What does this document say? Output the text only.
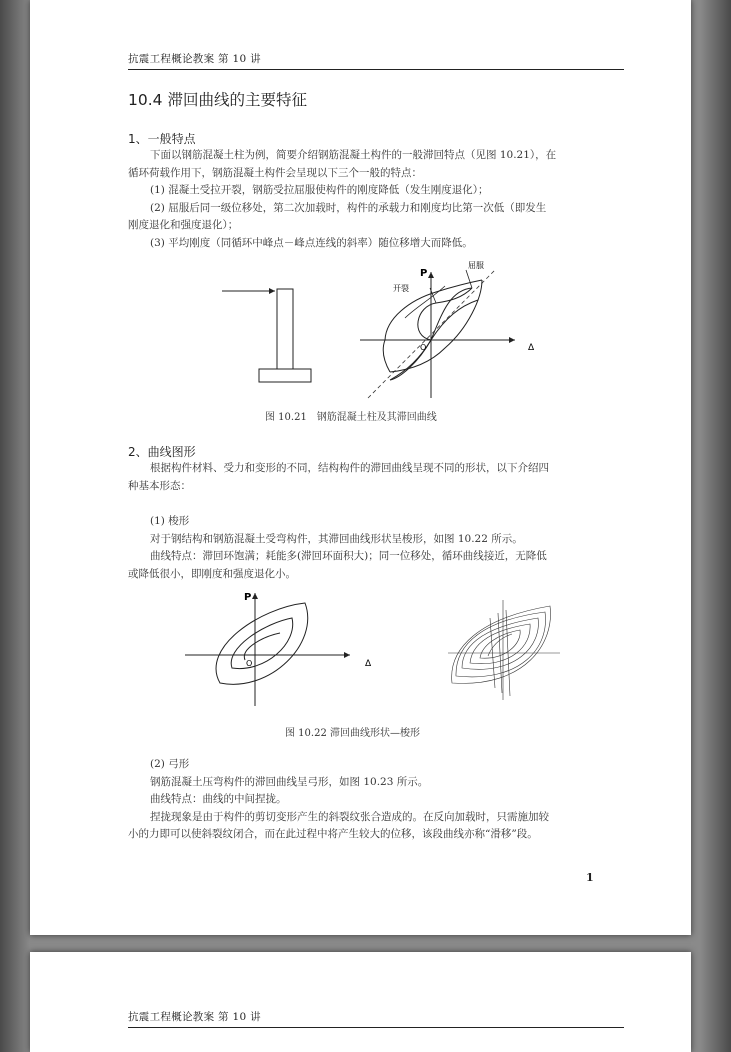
抗震工程概论教案 第 10 讲
10.4 滞回曲线的主要特征
1、一般特点
下面以钢筋混凝土柱为例，简要介绍钢筋混凝土构件的一般滞回特点（见图 10.21），在
循环荷载作用下，钢筋混凝土构件会呈现以下三个一般的特点：
(1) 混凝土受拉开裂，钢筋受拉屈服使构件的刚度降低（发生刚度退化）；
(2) 屈服后同一级位移处，第二次加载时，构件的承载力和刚度均比第一次低（即发生
刚度退化和强度退化）；
(3) 平均刚度（同循环中峰点－峰点连线的斜率）随位移增大而降低。
P
Δ
O
开裂
屈服
图 10.21　钢筋混凝土柱及其滞回曲线
2、曲线图形
根据构件材料、受力和变形的不同，结构构件的滞回曲线呈现不同的形状，以下介绍四
种基本形态：
(1) 梭形
对于钢结构和钢筋混凝土受弯构件，其滞回曲线形状呈梭形，如图 10.22 所示。
曲线特点：滞回环饱满；耗能多(滞回环面积大)；同一位移处，循环曲线接近，无降低
或降低很小，即刚度和强度退化小。
P
Δ
O
图 10.22 滞回曲线形状—梭形
(2) 弓形
钢筋混凝土压弯构件的滞回曲线呈弓形，如图 10.23 所示。
曲线特点：曲线的中间捏拢。
捏拢现象是由于构件的剪切变形产生的斜裂纹张合造成的。在反向加载时，只需施加较
小的力即可以使斜裂纹闭合，而在此过程中将产生较大的位移，该段曲线亦称“滑移”段。
1
抗震工程概论教案 第 10 讲
